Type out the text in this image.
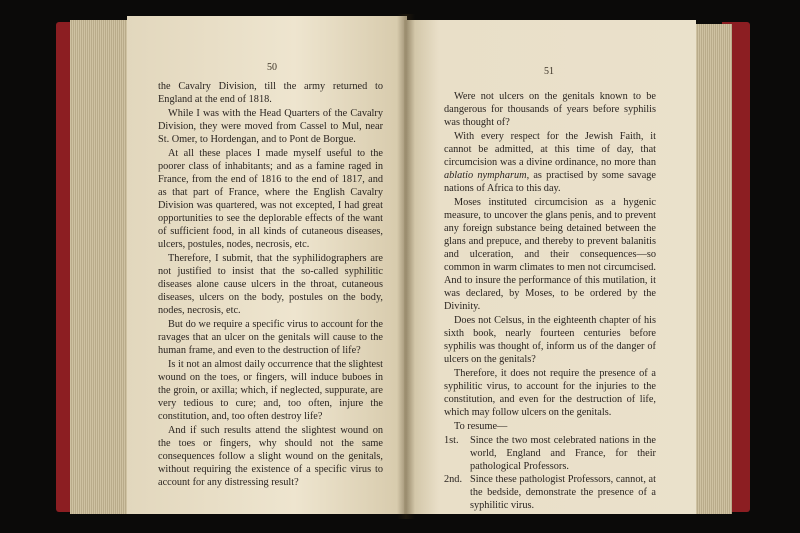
50

the Cavalry Division, till the army returned to England at the end of 1818.

While I was with the Head Quarters of the Cavalry Division, they were moved from Cassel to Mul, near St. Omer, to Hordengan, and to Pont de Borgue.

At all these places I made myself useful to the poorer class of inhabitants; and as a famine raged in France, from the end of 1816 to the end of 1817, and as that part of France, where the English Cavalry Division was quartered, was not excepted, I had great opportunities to see the deplorable effects of the want of sufficient food, in all kinds of cutaneous diseases, ulcers, postules, nodes, necrosis, etc.

Therefore, I submit, that the syphilidographers are not justified to insist that the so-called syphilitic diseases alone cause ulcers in the throat, cutaneous diseases, ulcers on the body, postules on the body, nodes, necrosis, etc.

But do we require a specific virus to account for the ravages that an ulcer on the genitals will cause to the human frame, and even to the destruction of life?

Is it not an almost daily occurrence that the slightest wound on the toes, or fingers, will induce buboes in the groin, or axilla; which, if neglected, suppurate, are very tedious to cure; and, too often, injure the constitution, and, too often destroy life?

And if such results attend the slightest wound on the toes or fingers, why should not the same consequences follow a slight wound on the genitals, without requiring the existence of a specific virus to account for any distressing result?

51

Were not ulcers on the genitals known to be dangerous for thousands of years before syphilis was thought of?

With every respect for the Jewish Faith, it cannot be admitted, at this time of day, that circumcision was a divine ordinance, no more than ablatio nympharum, as practised by some savage nations of Africa to this day.

Moses instituted circumcision as a hygenic measure, to uncover the glans penis, and to prevent any foreign substance being detained between the glans and prepuce, and thereby to prevent balanitis and ulceration, and their consequences—so common in warm climates to men not circumcised. And to insure the performance of this mutilation, it was declared, by Moses, to be ordered by the Divinity.

Does not Celsus, in the eighteenth chapter of his sixth book, nearly fourteen centuries before syphilis was thought of, inform us of the danger of ulcers on the genitals?

Therefore, it does not require the presence of a syphilitic virus, to account for the injuries to the constitution, and even for the destruction of life, which may follow ulcers on the genitals.

To resume—

1st.	Since the two most celebrated nations in the world, England and France, for their pathological Professors.
2nd. Since these pathologist Professors, cannot, at the bedside, demonstrate the presence of a syphilitic virus.
